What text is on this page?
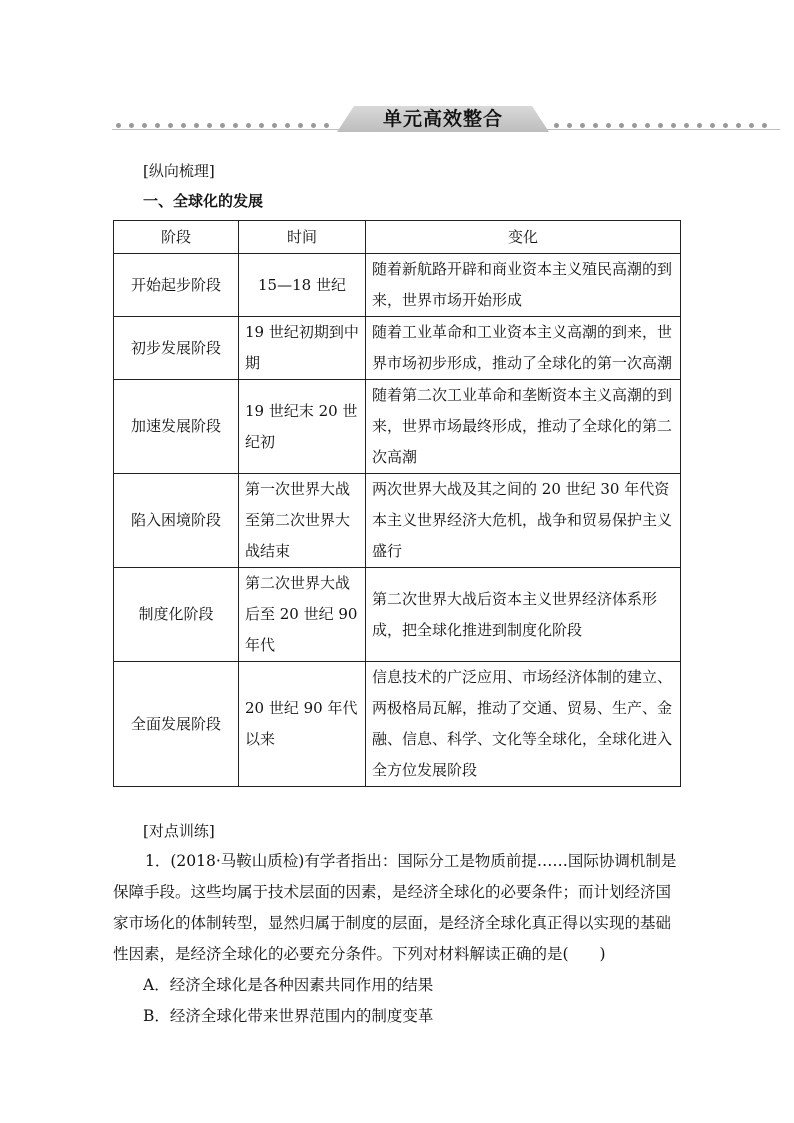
单元高效整合
[纵向梳理]
一、全球化的发展
阶段	时间	变化
开始起步阶段	15—18 世纪	随着新航路开辟和商业资本主义殖民高潮的到来，世界市场开始形成
初步发展阶段	19 世纪初期到中期	随着工业革命和工业资本主义高潮的到来，世界市场初步形成，推动了全球化的第一次高潮
加速发展阶段	19 世纪末 20 世纪初	随着第二次工业革命和垄断资本主义高潮的到来，世界市场最终形成，推动了全球化的第二次高潮
陷入困境阶段	第一次世界大战至第二次世界大战结束	两次世界大战及其之间的 20 世纪 30 年代资本主义世界经济大危机，战争和贸易保护主义盛行
制度化阶段	第二次世界大战后至 20 世纪 90 年代	第二次世界大战后资本主义世界经济体系形成，把全球化推进到制度化阶段
全面发展阶段	20 世纪 90 年代以来	信息技术的广泛应用、市场经济体制的建立、两极格局瓦解，推动了交通、贸易、生产、金融、信息、科学、文化等全球化，全球化进入全方位发展阶段
[对点训练]

1．(2018·马鞍山质检)有学者指出：国际分工是物质前提……国际协调机制是保障手段。这些均属于技术层面的因素，是经济全球化的必要条件；而计划经济国家市场化的体制转型，显然归属于制度的层面，是经济全球化真正得以实现的基础性因素，是经济全球化的必要充分条件。下列对材料解读正确的是(　　)

A．经济全球化是各种因素共同作用的结果

B．经济全球化带来世界范围内的制度变革
